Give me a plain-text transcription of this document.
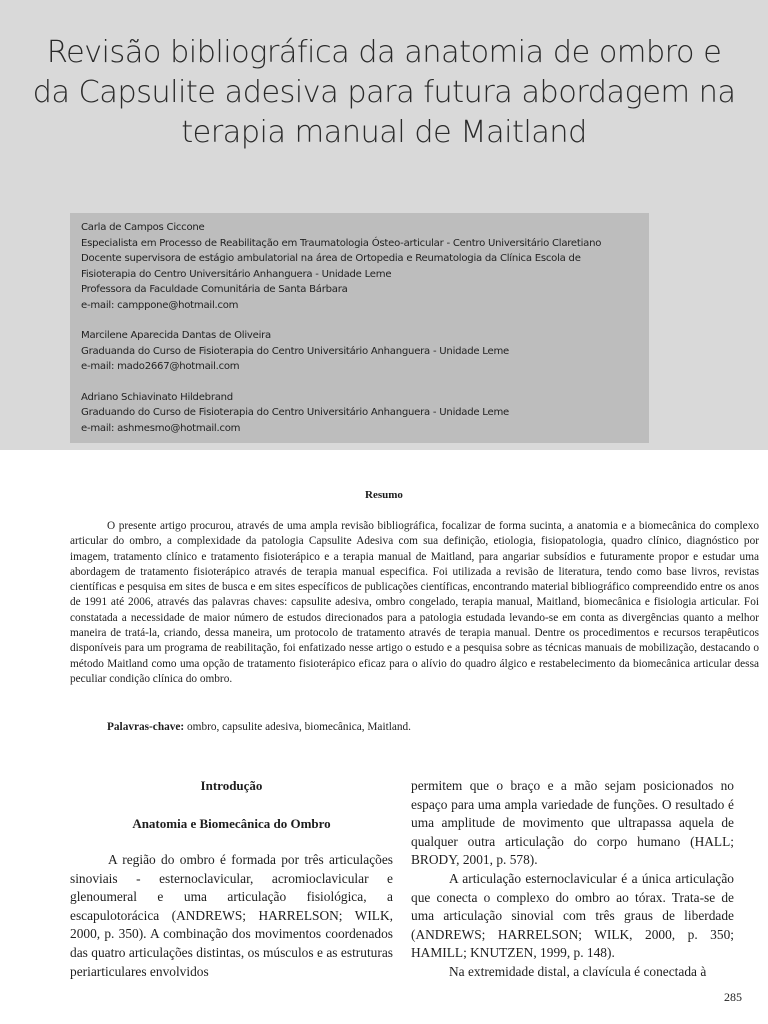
Revisão bibliográfica da anatomia de ombro e da Capsulite adesiva para futura abordagem na terapia manual de Maitland
Carla de Campos Ciccone
Especialista em Processo de Reabilitação em Traumatologia Ósteo-articular - Centro Universitário Claretiano
Docente supervisora de estágio ambulatorial na área de Ortopedia e Reumatologia da Clínica Escola de
Fisioterapia do Centro Universitário Anhanguera - Unidade Leme
Professora da Faculdade Comunitária de Santa Bárbara
e-mail: camppone@hotmail.com
Marcilene Aparecida Dantas de Oliveira
Graduanda do Curso de Fisioterapia do Centro Universitário Anhanguera - Unidade Leme
e-mail: mado2667@hotmail.com
Adriano Schiavinato Hildebrand
Graduando do Curso de Fisioterapia do Centro Universitário Anhanguera - Unidade Leme
e-mail: ashmesmo@hotmail.com
Resumo

O presente artigo procurou, através de uma ampla revisão bibliográfica, focalizar de forma sucinta, a anatomia e a biomecânica do complexo articular do ombro, a complexidade da patologia Capsulite Adesiva com sua definição, etiologia, fisiopatologia, quadro clínico, diagnóstico por imagem, tratamento clínico e tratamento fisioterápico e a terapia manual de Maitland, para angariar subsídios e futuramente propor e estudar uma abordagem de tratamento fisioterápico através de terapia manual especifica. Foi utilizada a revisão de literatura, tendo como base livros, revistas científicas e pesquisa em sites de busca e em sites específicos de publicações científicas, encontrando material bibliográfico compreendido entre os anos de 1991 até 2006, através das palavras chaves: capsulite adesiva, ombro congelado, terapia manual, Maitland, biomecânica e fisiologia articular. Foi constatada a necessidade de maior número de estudos direcionados para a patologia estudada levando-se em conta as divergências quanto a melhor maneira de tratá-la, criando, dessa maneira, um protocolo de tratamento através de terapia manual. Dentre os procedimentos e recursos terapêuticos disponíveis para um programa de reabilitação, foi enfatizado nesse artigo o estudo e a pesquisa sobre as técnicas manuais de mobilização, destacando o método Maitland como uma opção de tratamento fisioterápico eficaz para o alívio do quadro álgico e restabelecimento da biomecânica articular dessa peculiar condição clínica do ombro.

Palavras-chave: ombro, capsulite adesiva, biomecânica, Maitland.

Introdução
Anatomia e Biomecânica do Ombro

A região do ombro é formada por três articulações sinoviais - esternoclavicular, acromioclavicular e glenoumeral e uma articulação fisiológica, a escapulotorácica (ANDREWS; HARRELSON; WILK, 2000, p. 350). A combinação dos movimentos coordenados das quatro articulações distintas, os músculos e as estruturas periarticulares envolvidos

permitem que o braço e a mão sejam posicionados no espaço para uma ampla variedade de funções. O resultado é uma amplitude de movimento que ultrapassa aquela de qualquer outra articulação do corpo humano (HALL; BRODY, 2001, p. 578).

A articulação esternoclavicular é a única articulação que conecta o complexo do ombro ao tórax. Trata-se de uma articulação sinovial com três graus de liberdade (ANDREWS; HARRELSON; WILK, 2000, p. 350; HAMILL; KNUTZEN, 1999, p. 148).

Na extremidade distal, a clavícula é conectada à

285
